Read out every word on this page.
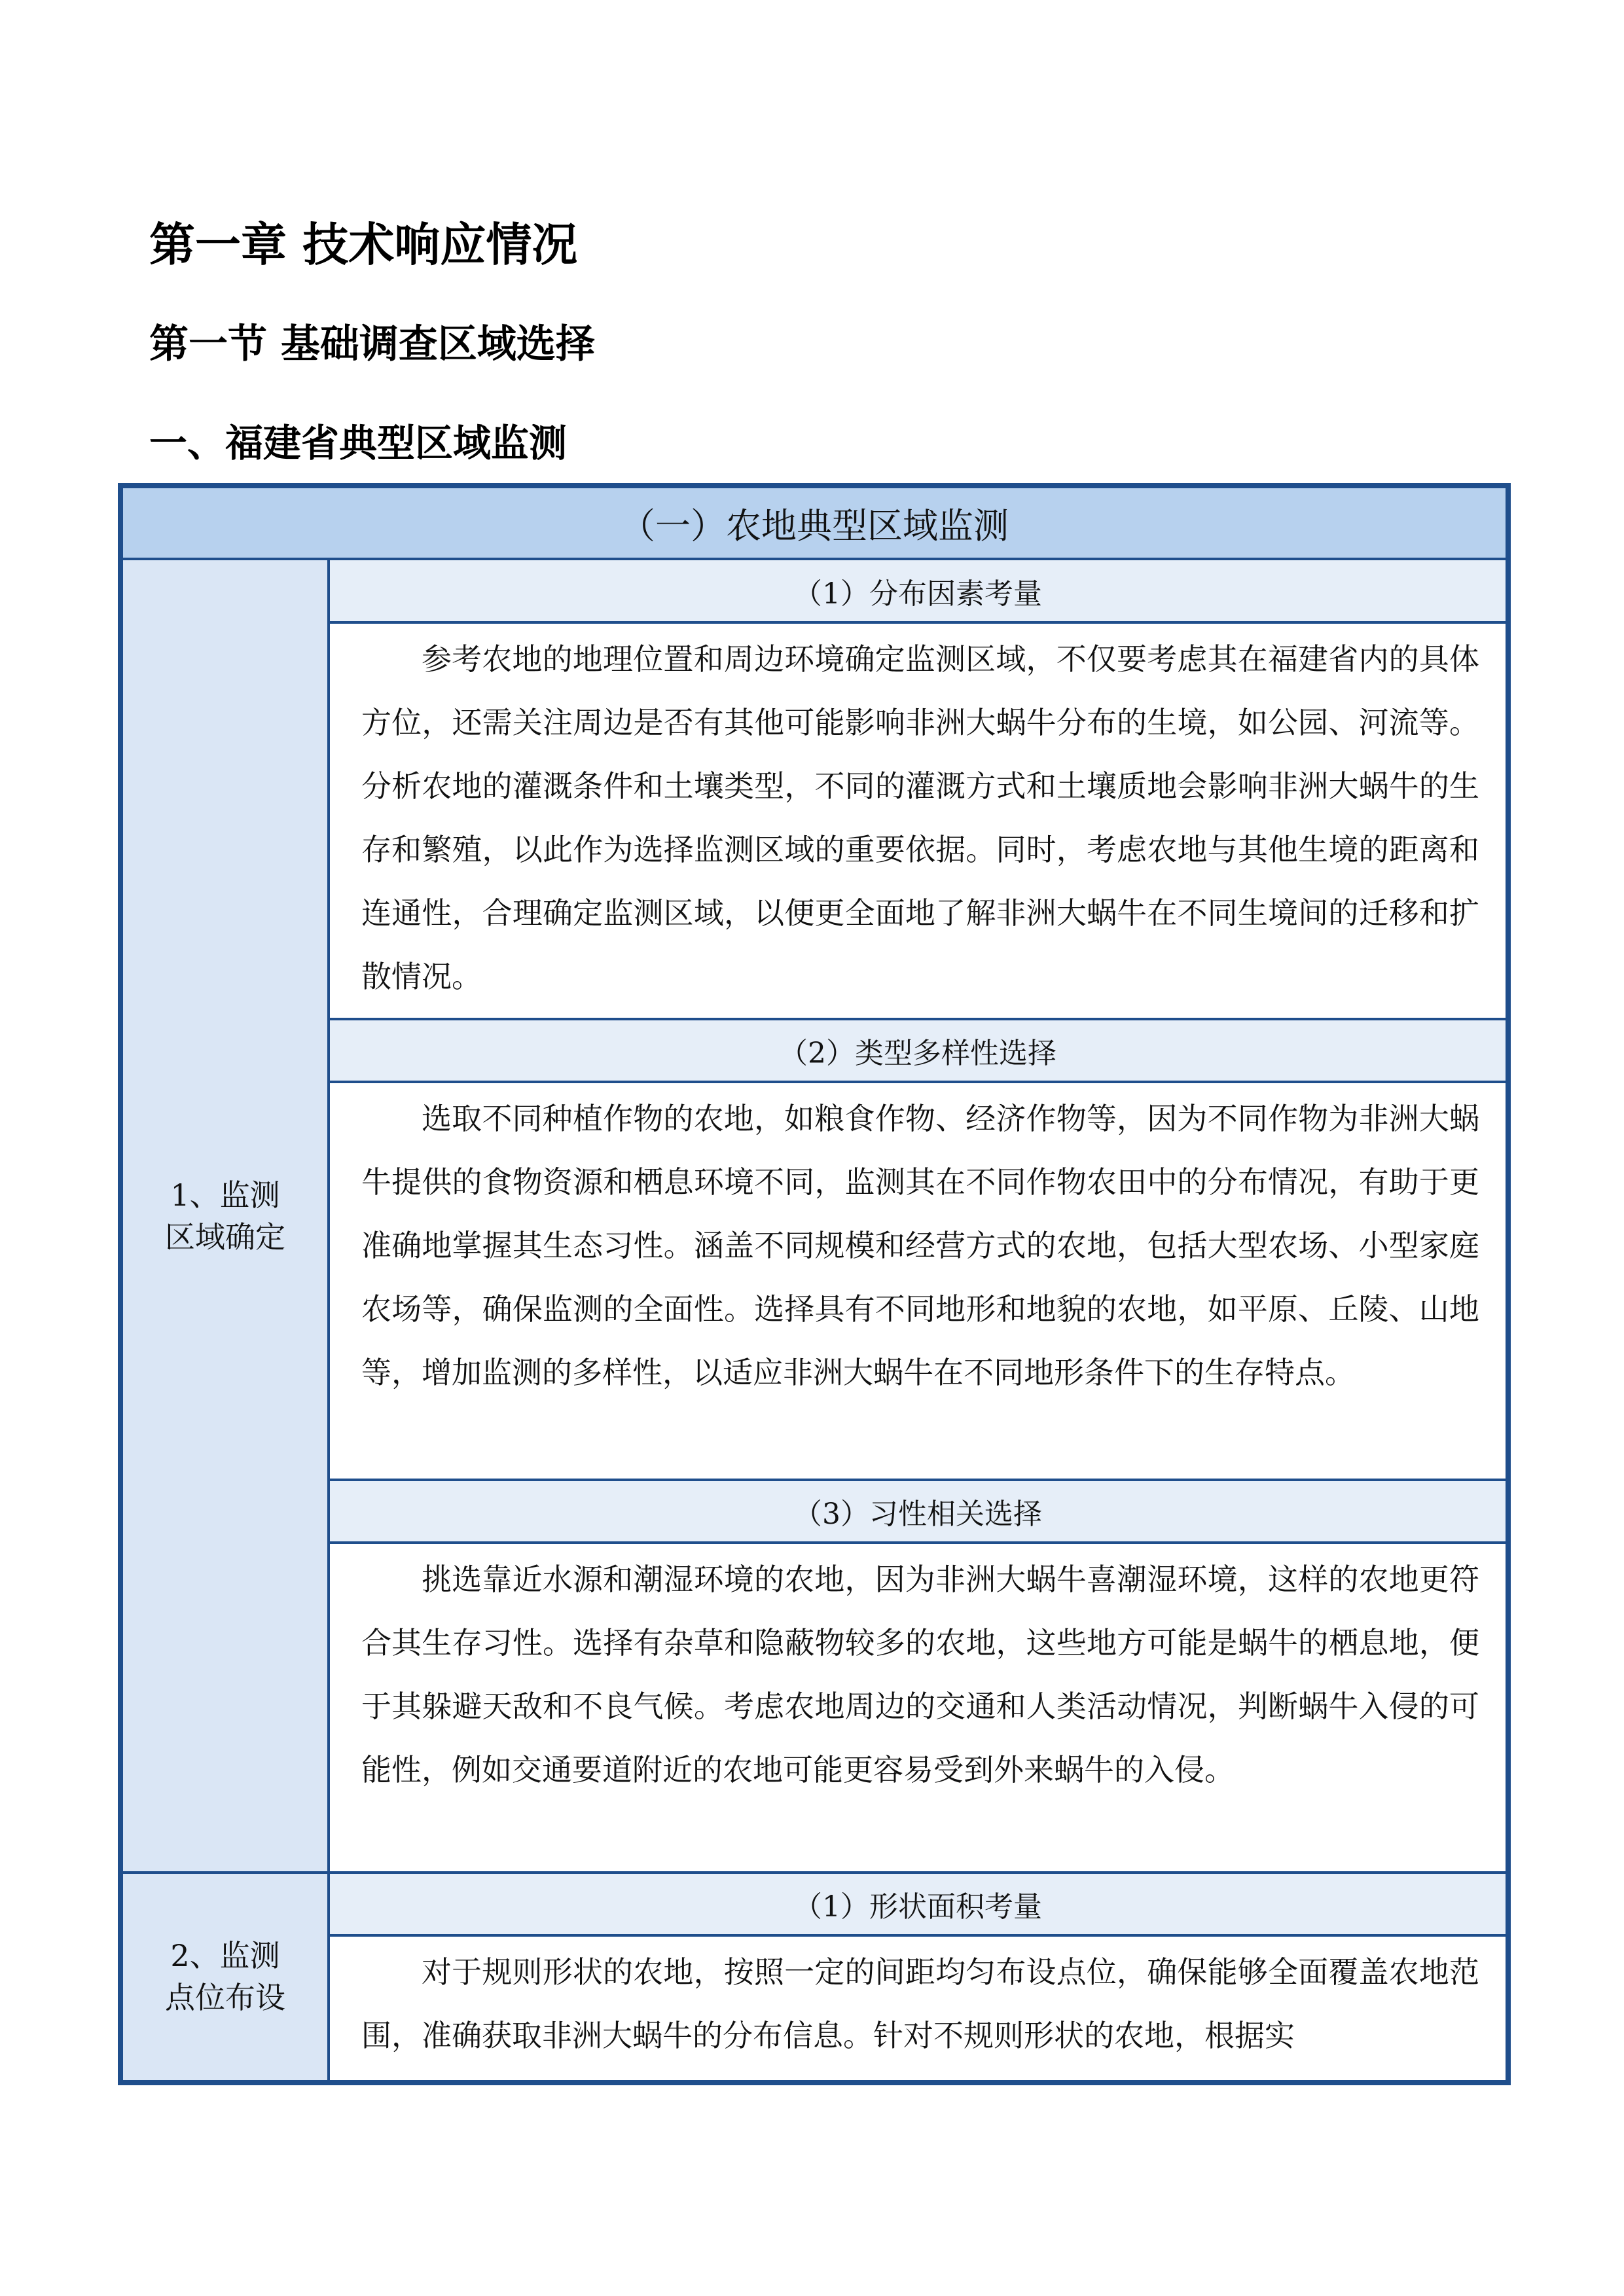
第一章 技术响应情况
第一节 基础调查区域选择
一、福建省典型区域监测
（一）农地典型区域监测	

1、监测区域确定	（1）分布因素考量
	参考农地的地理位置和周边环境确定监测区域，不仅要考虑其在福建省内的具体方位，还需关注周边是否有其他可能影响非洲大蜗牛分布的生境，如公园、河流等。分析农地的灌溉条件和土壤类型，不同的灌溉方式和土壤质地会影响非洲大蜗牛的生存和繁殖，以此作为选择监测区域的重要依据。同时，考虑农地与其他生境的距离和连通性，合理确定监测区域，以便更全面地了解非洲大蜗牛在不同生境间的迁移和扩散情况。
	（2）类型多样性选择
	选取不同种植作物的农地，如粮食作物、经济作物等，因为不同作物为非洲大蜗牛提供的食物资源和栖息环境不同，监测其在不同作物农田中的分布情况，有助于更准确地掌握其生态习性。涵盖不同规模和经营方式的农地，包括大型农场、小型家庭农场等，确保监测的全面性。选择具有不同地形和地貌的农地，如平原、丘陵、山地等，增加监测的多样性，以适应非洲大蜗牛在不同地形条件下的生存特点。
	（3）习性相关选择
	挑选靠近水源和潮湿环境的农地，因为非洲大蜗牛喜潮湿环境，这样的农地更符合其生存习性。选择有杂草和隐蔽物较多的农地，这些地方可能是蜗牛的栖息地，便于其躲避天敌和不良气候。考虑农地周边的交通和人类活动情况，判断蜗牛入侵的可能性，例如交通要道附近的农地可能更容易受到外来蜗牛的入侵。

2、监测点位布设	（1）形状面积考量
	对于规则形状的农地，按照一定的间距均匀布设点位，确保能够全面覆盖农地范围，准确获取非洲大蜗牛的分布信息。针对不规则形状的农地，根据实
